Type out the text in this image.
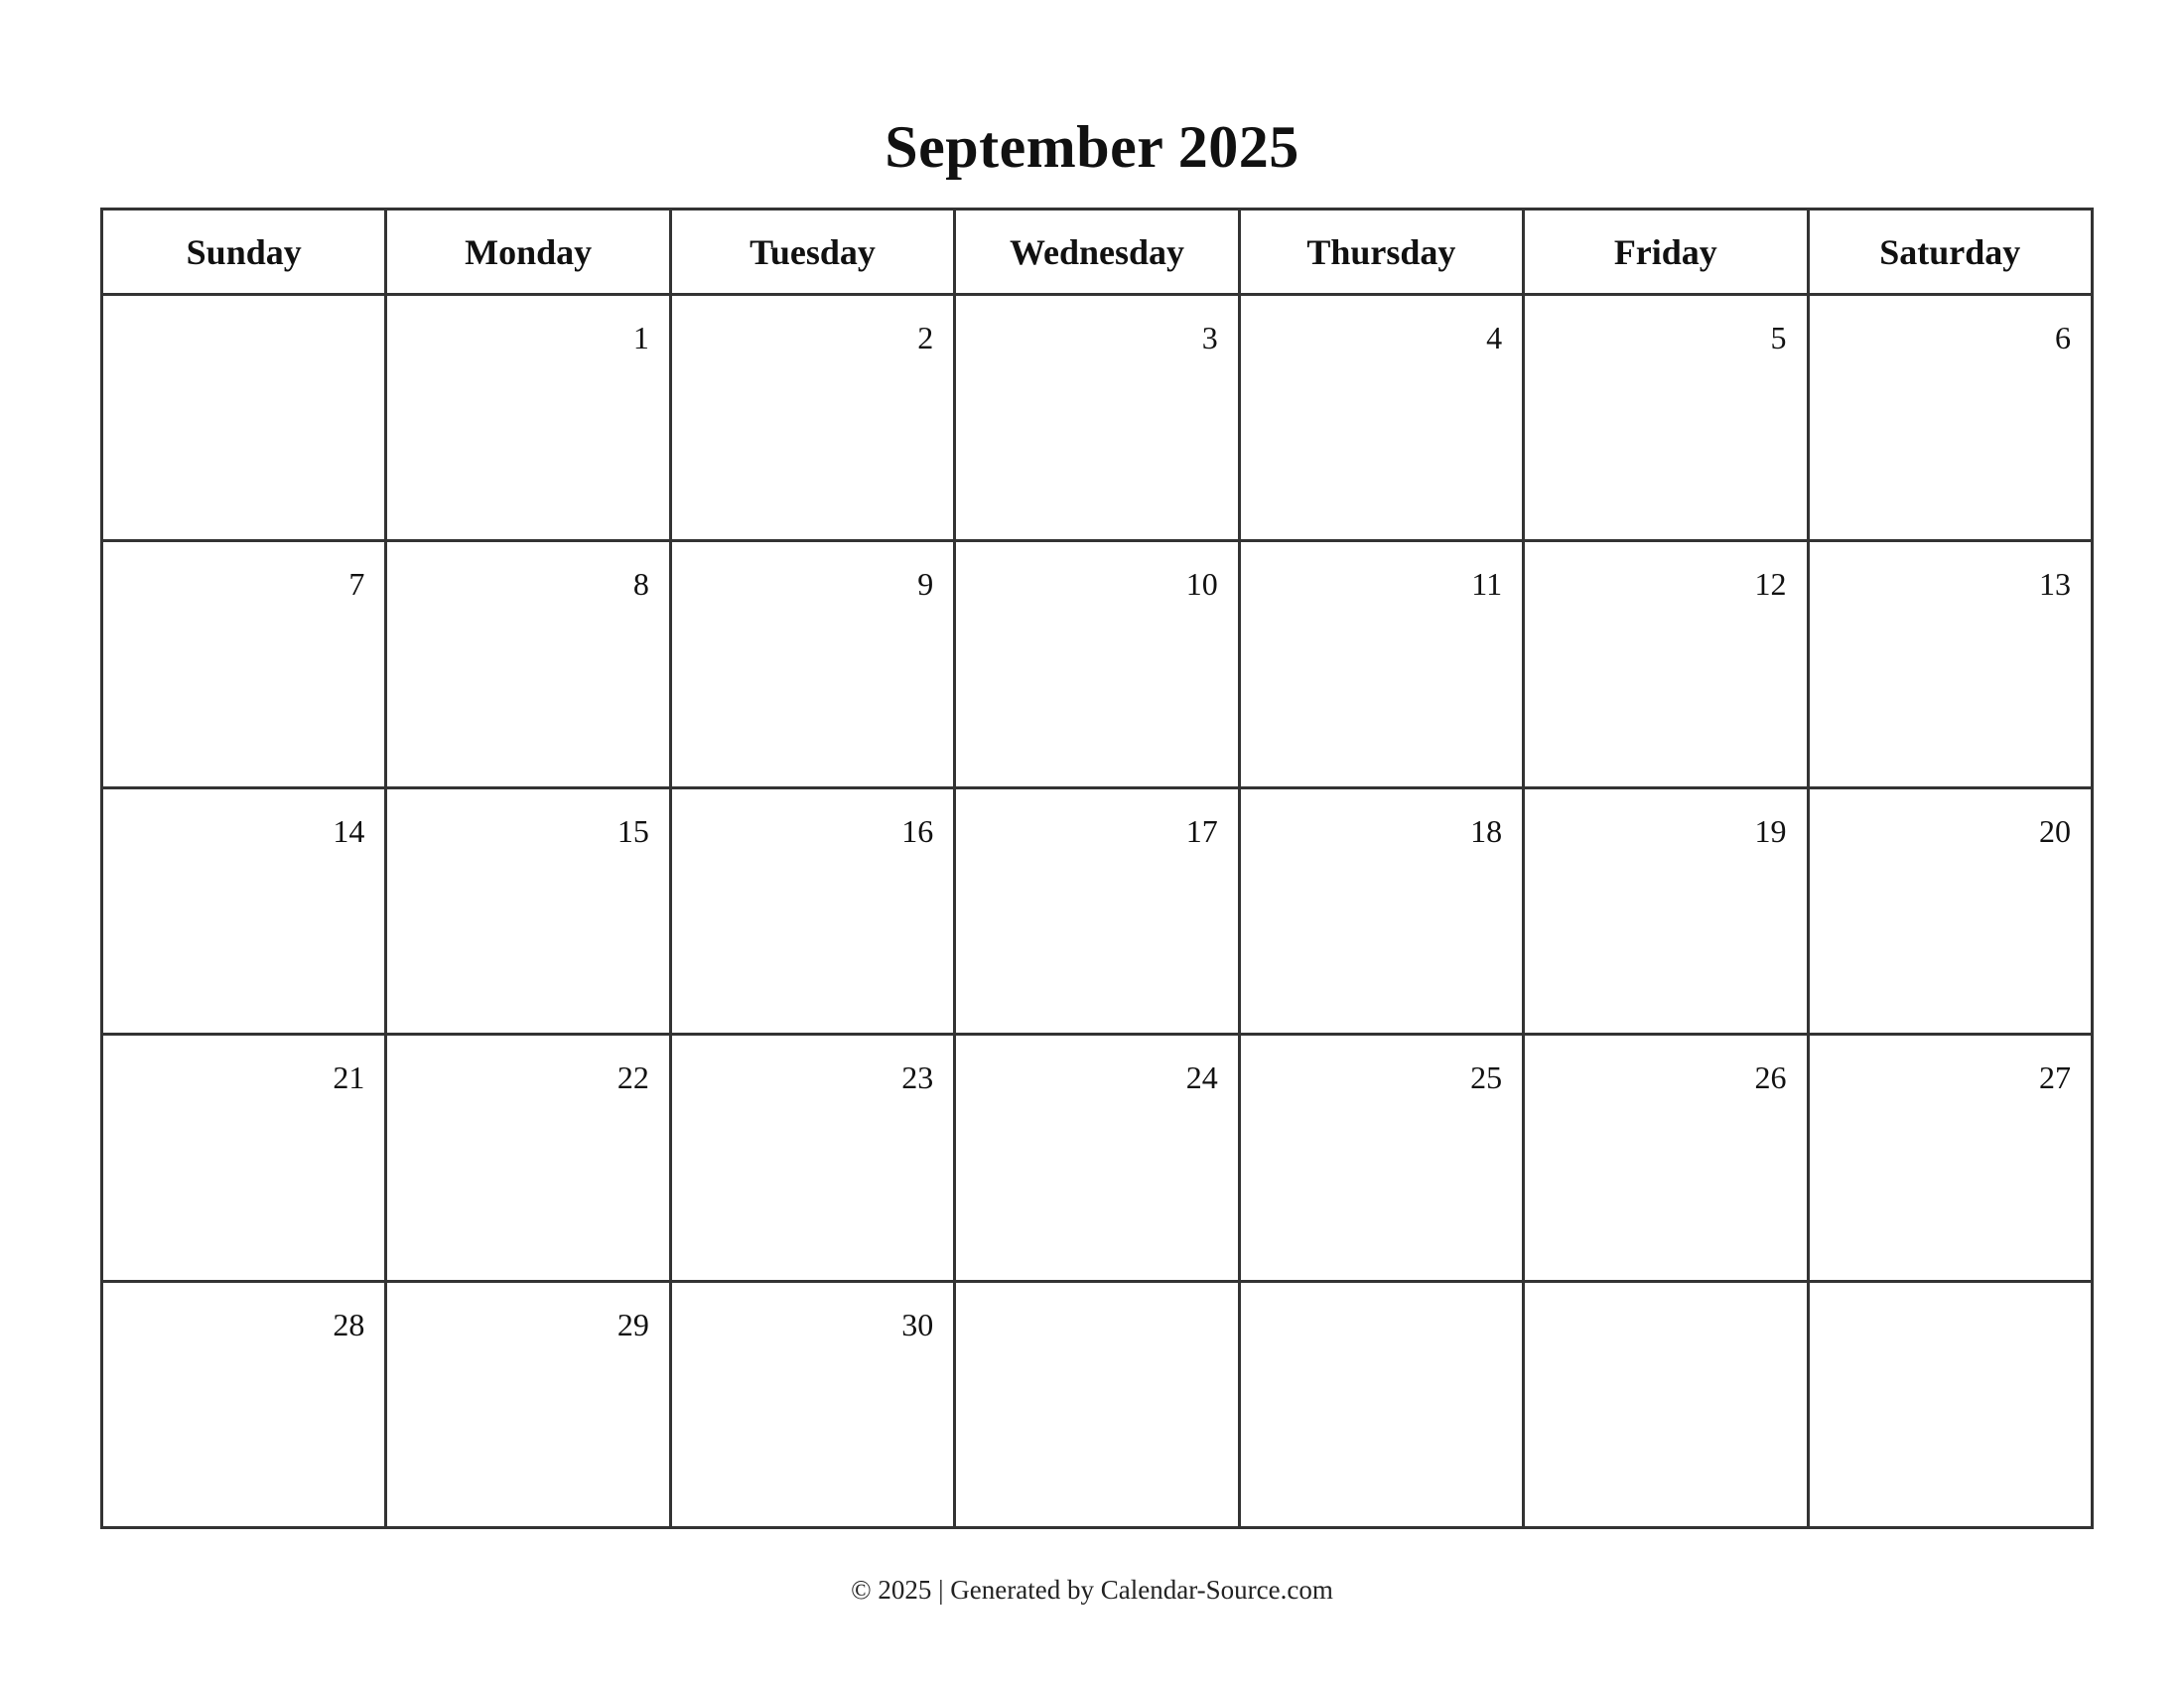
September 2025
Sunday	Monday	Tuesday	Wednesday	Thursday	Friday	Saturday

	1	2	3	4	5	6

7	8	9	10	11	12	13

14	15	16	17	18	19	20

21	22	23	24	25	26	27

28	29	30				

© 2025 | Generated by Calendar-Source.com
